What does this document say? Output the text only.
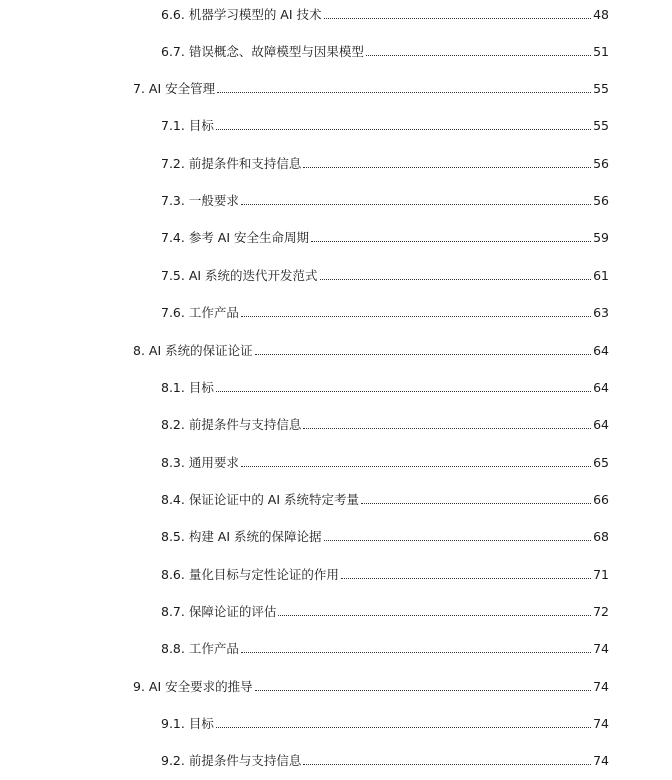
6.6. 机器学习模型的 AI 技术	48
6.7. 错误概念、故障模型与因果模型	51
7. AI 安全管理	55
7.1. 目标	55
7.2. 前提条件和支持信息	56
7.3. 一般要求	56
7.4. 参考 AI 安全生命周期	59
7.5. AI 系统的迭代开发范式	61
7.6. 工作产品	63
8. AI 系统的保证论证	64
8.1. 目标	64
8.2. 前提条件与支持信息	64
8.3. 通用要求	65
8.4. 保证论证中的 AI 系统特定考量	66
8.5. 构建 AI 系统的保障论据	68
8.6. 量化目标与定性论证的作用	71
8.7. 保障论证的评估	72
8.8. 工作产品	74
9. AI 安全要求的推导	74
9.1. 目标	74
9.2. 前提条件与支持信息	74
